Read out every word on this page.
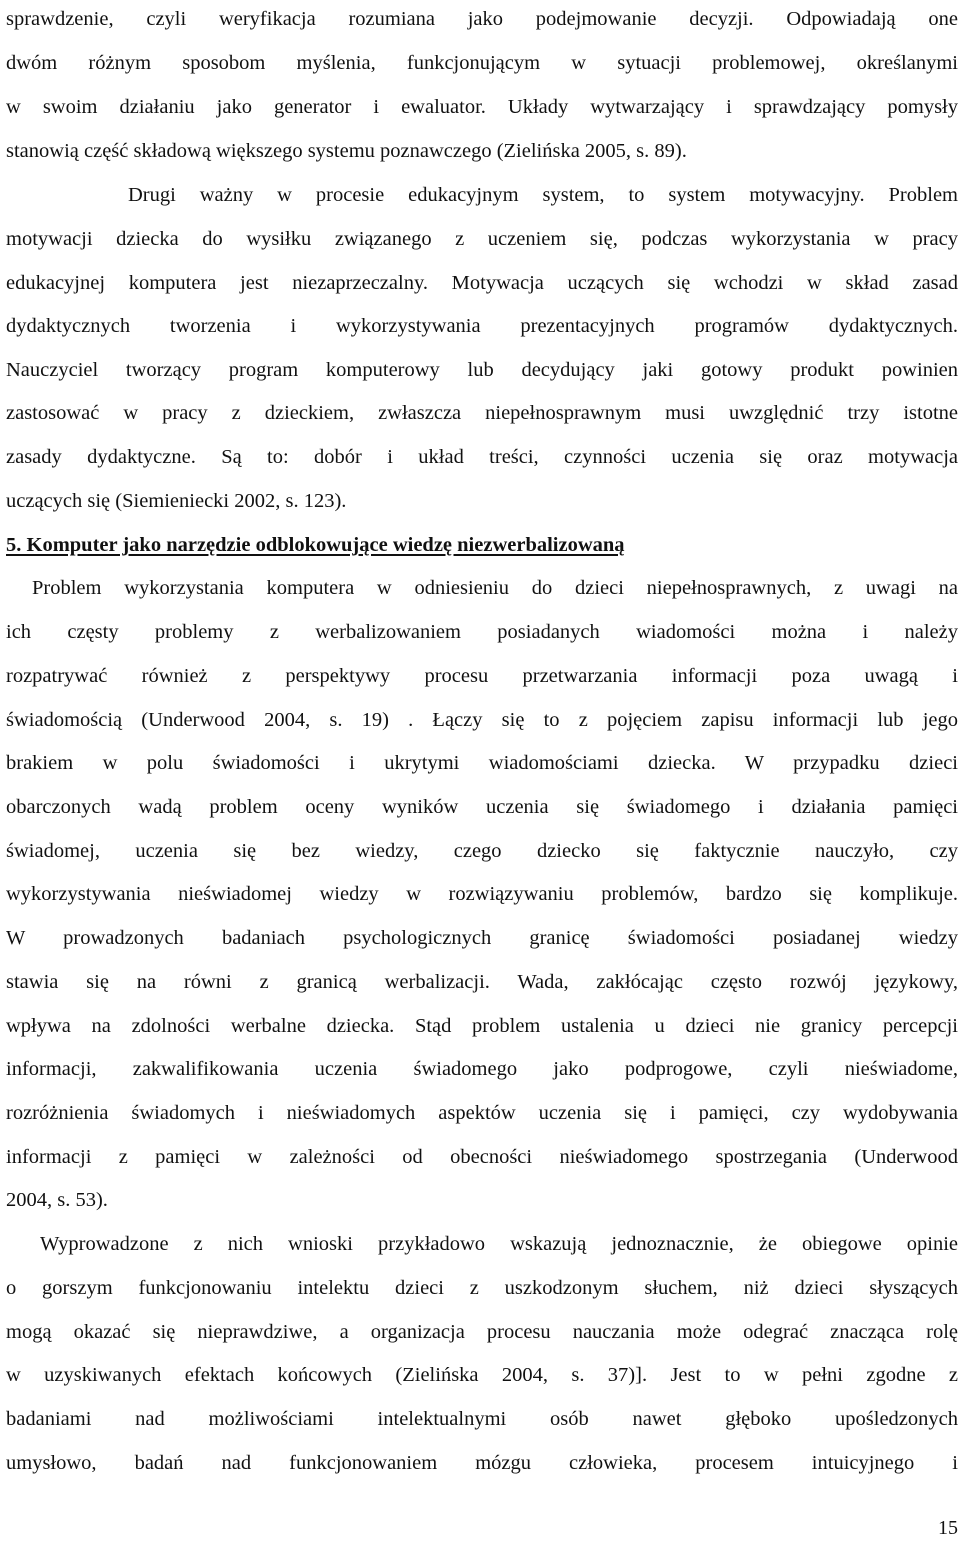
sprawdzenie, czyli weryfikacja rozumiana jako podejmowanie decyzji. Odpowiadają one
dwóm różnym sposobom myślenia, funkcjonującym w sytuacji problemowej, określanymi
w swoim działaniu jako generator i ewaluator. Układy wytwarzający i sprawdzający pomysły
stanowią część składową większego systemu poznawczego (Zielińska 2005, s. 89).
Drugi ważny w procesie edukacyjnym system, to system motywacyjny. Problem
motywacji dziecka do wysiłku związanego z uczeniem się, podczas wykorzystania w pracy
edukacyjnej komputera jest niezaprzeczalny. Motywacja uczących się wchodzi w skład zasad
dydaktycznych tworzenia i wykorzystywania prezentacyjnych programów dydaktycznych.
Nauczyciel tworzący program komputerowy lub decydujący jaki gotowy produkt powinien
zastosować w pracy z dzieckiem, zwłaszcza niepełnosprawnym musi uwzględnić trzy istotne
zasady dydaktyczne. Są to: dobór i układ treści, czynności uczenia się oraz motywacja
uczących się (Siemieniecki 2002, s. 123).
5. Komputer jako narzędzie odblokowujące wiedzę niezwerbalizowaną
Problem wykorzystania komputera w odniesieniu do dzieci niepełnosprawnych, z uwagi na
ich częsty problemy z werbalizowaniem posiadanych wiadomości można i należy
rozpatrywać również z perspektywy procesu przetwarzania informacji poza uwagą i
świadomością (Underwood 2004, s. 19) . Łączy się to z pojęciem zapisu informacji lub jego
brakiem w polu świadomości i ukrytymi wiadomościami dziecka. W przypadku dzieci
obarczonych wadą problem oceny wyników uczenia się świadomego i działania pamięci
świadomej, uczenia się bez wiedzy, czego dziecko się faktycznie nauczyło, czy
wykorzystywania nieświadomej wiedzy w rozwiązywaniu problemów, bardzo się komplikuje.
W prowadzonych badaniach psychologicznych granicę świadomości posiadanej wiedzy
stawia się na równi z granicą werbalizacji. Wada, zakłócając często rozwój językowy,
wpływa na zdolności werbalne dziecka. Stąd problem ustalenia u dzieci nie granicy percepcji
informacji, zakwalifikowania uczenia świadomego jako podprogowe, czyli nieświadome,
rozróżnienia świadomych i nieświadomych aspektów uczenia się i pamięci, czy wydobywania
informacji z pamięci w zależności od obecności nieświadomego spostrzegania (Underwood
2004, s. 53).
Wyprowadzone z nich wnioski przykładowo wskazują jednoznacznie, że obiegowe opinie
o gorszym funkcjonowaniu intelektu dzieci z uszkodzonym słuchem, niż dzieci słyszących
mogą okazać się nieprawdziwe, a organizacja procesu nauczania może odegrać znacząca rolę
w uzyskiwanych efektach końcowych (Zielińska 2004, s. 37)]. Jest to w pełni zgodne z
badaniami nad możliwościami intelektualnymi osób nawet głęboko upośledzonych
umysłowo, badań nad funkcjonowaniem mózgu człowieka, procesem intuicyjnego i
15
